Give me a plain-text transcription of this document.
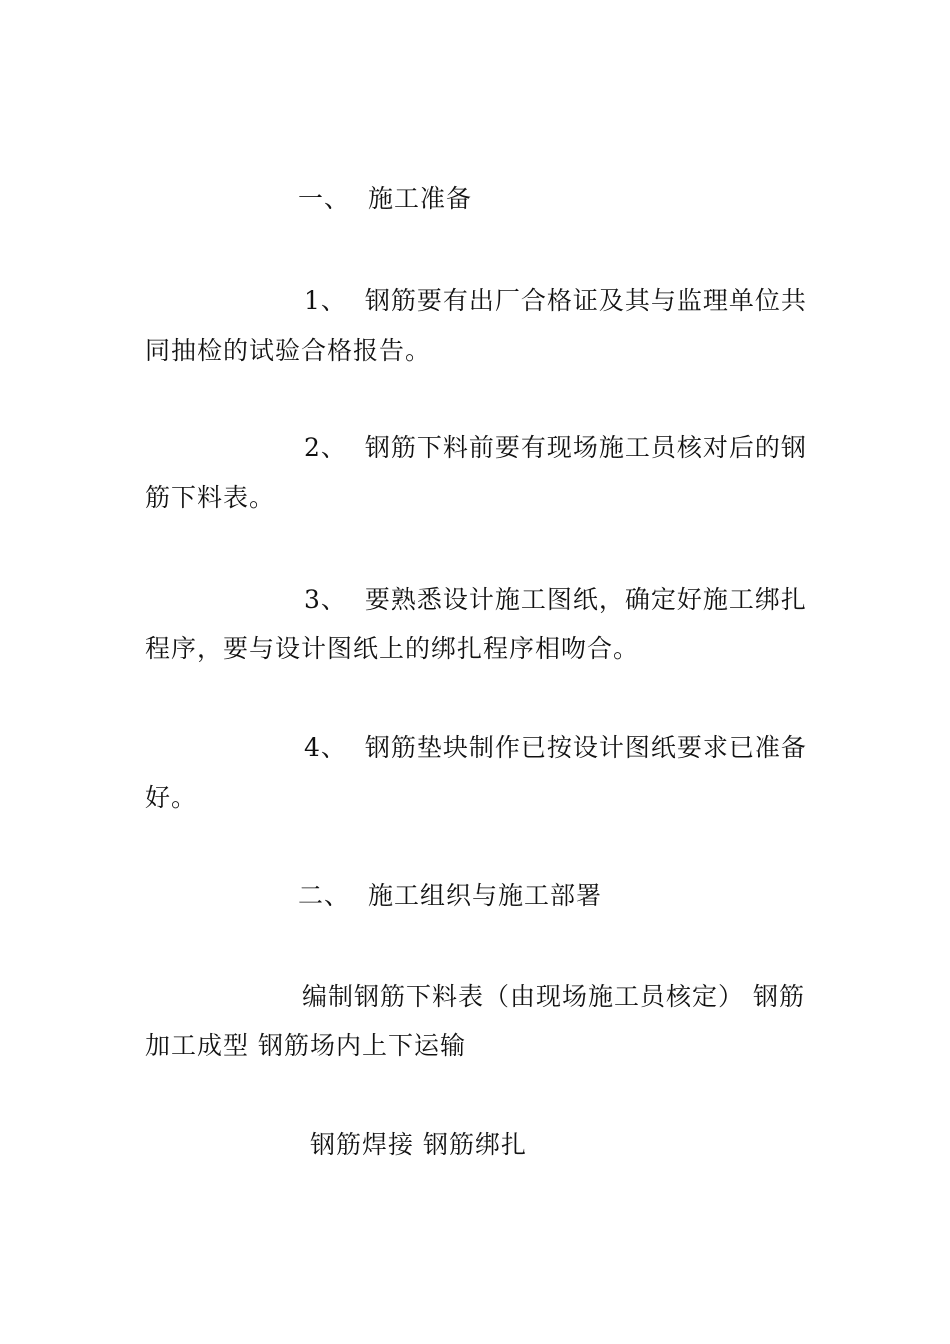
一、 施工准备
1、 钢筋要有出厂合格证及其与监理单位共
同抽检的试验合格报告。
2、 钢筋下料前要有现场施工员核对后的钢
筋下料表。
3、 要熟悉设计施工图纸，确定好施工绑扎
程序，要与设计图纸上的绑扎程序相吻合。
4、 钢筋垫块制作已按设计图纸要求已准备
好。
二、 施工组织与施工部署
编制钢筋下料表（由现场施工员核定） 钢筋
加工成型 钢筋场内上下运输
钢筋焊接 钢筋绑扎
